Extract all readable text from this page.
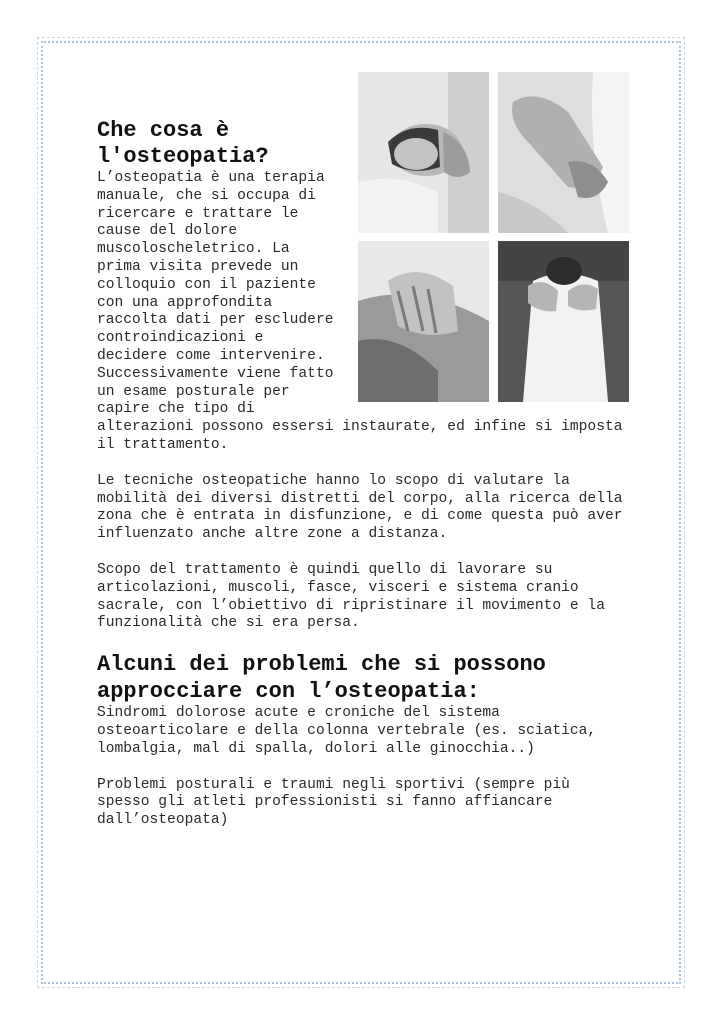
Che cosa è l'osteopatia?

L’osteopatia è una terapia manuale, che si occupa di ricercare e trattare le cause del dolore muscoloscheletrico. La prima visita prevede un colloquio con il paziente con una approfondita raccolta dati per escludere controindicazioni e decidere come intervenire. Successivamente viene fatto un esame posturale per capire che tipo di alterazioni possono essersi instaurate, ed infine si imposta il trattamento.

Le tecniche osteopatiche hanno lo scopo di valutare la mobilità dei diversi distretti del corpo, alla ricerca della zona che è entrata in disfunzione, e di come questa può aver influenzato anche altre zone a distanza.

Scopo del trattamento è quindi quello di lavorare su articolazioni, muscoli, fasce, visceri e sistema cranio sacrale, con l’obiettivo di ripristinare il movimento e la funzionalità che si era persa.

Alcuni dei problemi che si possono approcciare con l’osteopatia:

Sindromi dolorose acute e croniche del sistema osteoarticolare e della colonna vertebrale (es. sciatica, lombalgia, mal di spalla, dolori alle ginocchia..)

Problemi posturali e traumi negli sportivi (sempre più spesso gli atleti professionisti si fanno affiancare dall’osteopata)
